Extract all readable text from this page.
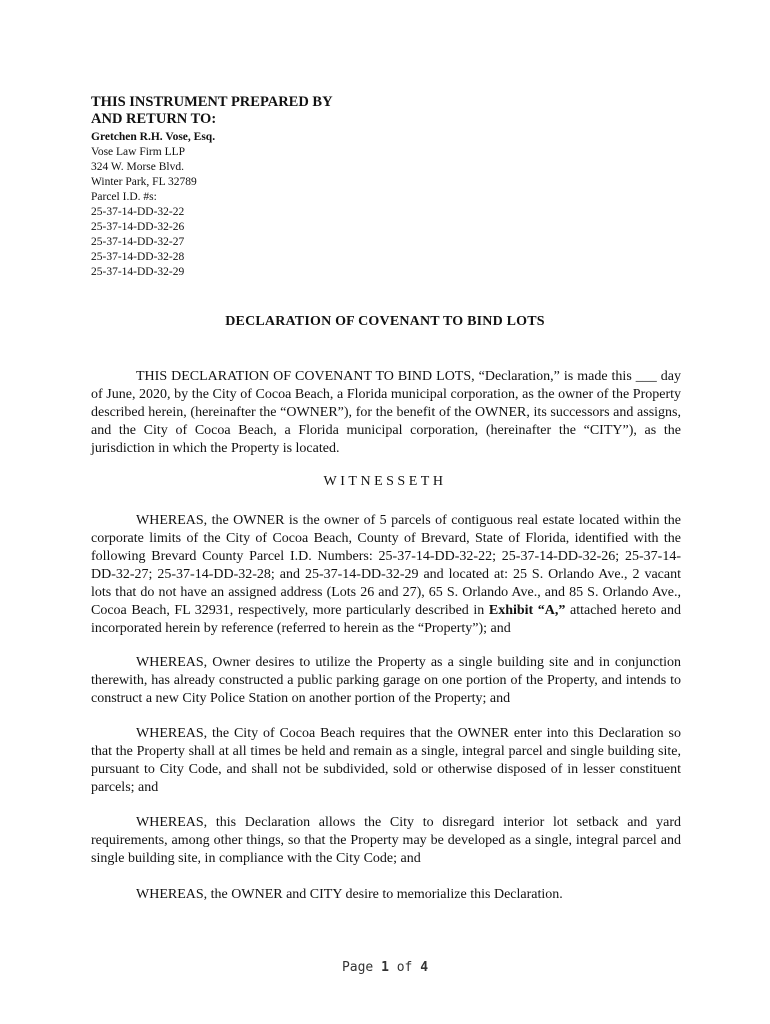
THIS INSTRUMENT PREPARED BY
AND RETURN TO:
Gretchen R.H. Vose, Esq.
Vose Law Firm LLP
324 W. Morse Blvd.
Winter Park, FL 32789
Parcel I.D. #s:
25-37-14-DD-32-22
25-37-14-DD-32-26
25-37-14-DD-32-27
25-37-14-DD-32-28
25-37-14-DD-32-29
DECLARATION OF COVENANT TO BIND LOTS

THIS DECLARATION OF COVENANT TO BIND LOTS, “Declaration,” is made this ___ day of June, 2020, by the City of Cocoa Beach, a Florida municipal corporation, as the owner of the Property described herein, (hereinafter the “OWNER”), for the benefit of the OWNER, its successors and assigns, and the City of Cocoa Beach, a Florida municipal corporation, (hereinafter the “CITY”), as the jurisdiction in which the Property is located.

WITNESSETH

WHEREAS, the OWNER is the owner of 5 parcels of contiguous real estate located within the corporate limits of the City of Cocoa Beach, County of Brevard, State of Florida, identified with the following Brevard County Parcel I.D. Numbers: 25-37-14-DD-32-22; 25-37-14-DD-32-26; 25-37-14-DD-32-27; 25-37-14-DD-32-28; and 25-37-14-DD-32-29 and located at: 25 S. Orlando Ave., 2 vacant lots that do not have an assigned address (Lots 26 and 27), 65 S. Orlando Ave., and 85 S. Orlando Ave., Cocoa Beach, FL 32931, respectively, more particularly described in Exhibit “A,” attached hereto and incorporated herein by reference (referred to herein as the “Property”); and

WHEREAS, Owner desires to utilize the Property as a single building site and in conjunction therewith, has already constructed a public parking garage on one portion of the Property, and intends to construct a new City Police Station on another portion of the Property; and

WHEREAS, the City of Cocoa Beach requires that the OWNER enter into this Declaration so that the Property shall at all times be held and remain as a single, integral parcel and single building site, pursuant to City Code, and shall not be subdivided, sold or otherwise disposed of in lesser constituent parcels; and

WHEREAS, this Declaration allows the City to disregard interior lot setback and yard requirements, among other things, so that the Property may be developed as a single, integral parcel and single building site, in compliance with the City Code; and

WHEREAS, the OWNER and CITY desire to memorialize this Declaration.

Page 1 of 4
